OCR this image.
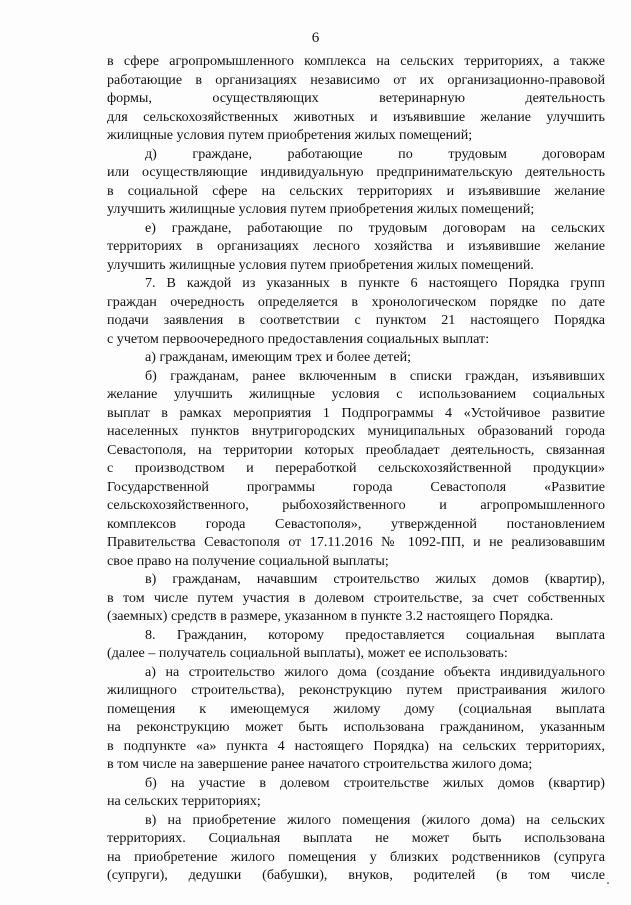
6
в сфере агропромышленного комплекса на сельских территориях, а также
работающие в организациях независимо от их организационно-правовой
формы, осуществляющих ветеринарную деятельность
для сельскохозяйственных животных и изъявившие желание улучшить
жилищные условия путем приобретения жилых помещений;
д) граждане, работающие по трудовым договорам
или осуществляющие индивидуальную предпринимательскую деятельность
в социальной сфере на сельских территориях и изъявившие желание
улучшить жилищные условия путем приобретения жилых помещений;
е) граждане, работающие по трудовым договорам на сельских
территориях в организациях лесного хозяйства и изъявившие желание
улучшить жилищные условия путем приобретения жилых помещений.
7. В каждой из указанных в пункте 6 настоящего Порядка групп
граждан очередность определяется в хронологическом порядке по дате
подачи заявления в соответствии с пунктом 21 настоящего Порядка
с учетом первоочередного предоставления социальных выплат:
а) гражданам, имеющим трех и более детей;
б) гражданам, ранее включенным в списки граждан, изъявивших
желание улучшить жилищные условия с использованием социальных
выплат в рамках мероприятия 1 Подпрограммы 4 «Устойчивое развитие
населенных пунктов внутригородских муниципальных образований города
Севастополя, на территории которых преобладает деятельность, связанная
с производством и переработкой сельскохозяйственной продукции»
Государственной программы города Севастополя «Развитие
сельскохозяйственного, рыбохозяйственного и агропромышленного
комплексов города Севастополя», утвержденной постановлением
Правительства Севастополя от 17.11.2016 № 1092-ПП, и не реализовавшим
свое право на получение социальной выплаты;
в) гражданам, начавшим строительство жилых домов (квартир),
в том числе путем участия в долевом строительстве, за счет собственных
(заемных) средств в размере, указанном в пункте 3.2 настоящего Порядка.
8. Гражданин, которому предоставляется социальная выплата
(далее – получатель социальной выплаты), может ее использовать:
а) на строительство жилого дома (создание объекта индивидуального
жилищного строительства), реконструкцию путем пристраивания жилого
помещения к имеющемуся жилому дому (социальная выплата
на реконструкцию может быть использована гражданином, указанным
в подпункте «а» пункта 4 настоящего Порядка) на сельских территориях,
в том числе на завершение ранее начатого строительства жилого дома;
б) на участие в долевом строительстве жилых домов (квартир)
на сельских территориях;
в) на приобретение жилого помещения (жилого дома) на сельских
территориях. Социальная выплата не может быть использована
на приобретение жилого помещения у близких родственников (супруга
(супруги), дедушки (бабушки), внуков, родителей (в том числе
